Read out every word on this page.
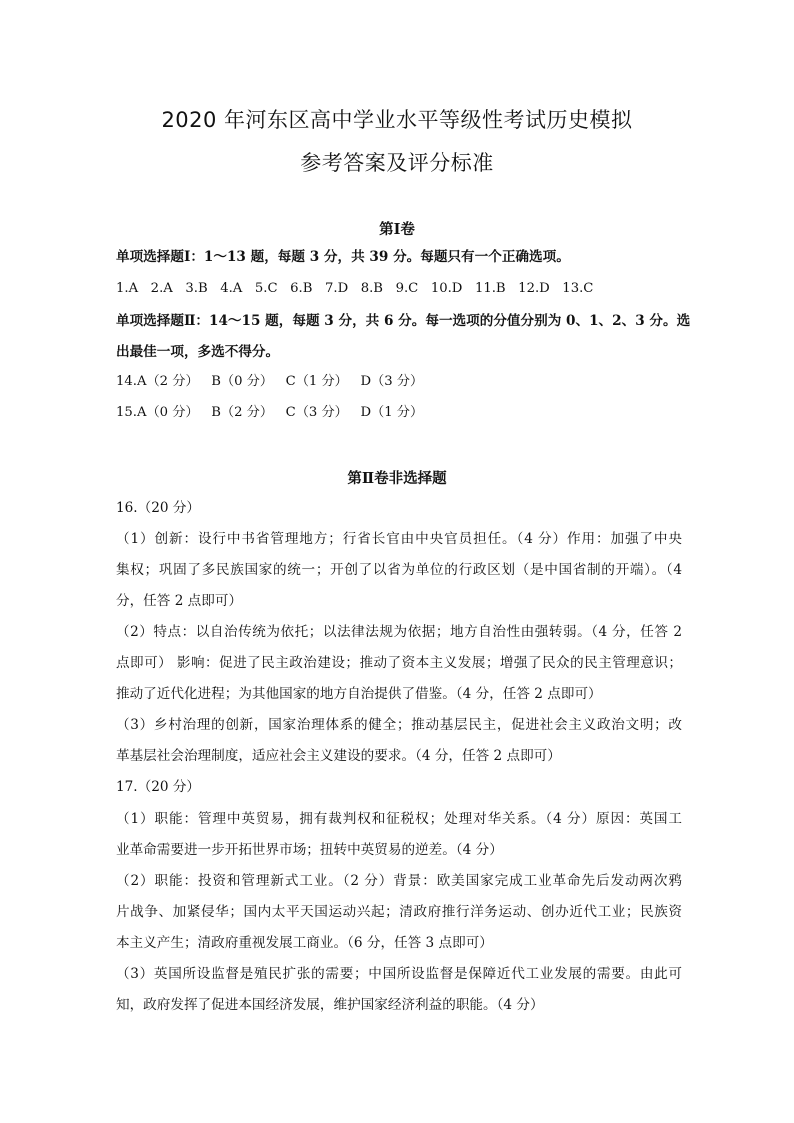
2020 年河东区高中学业水平等级性考试历史模拟
参考答案及评分标准
第Ⅰ卷
单项选择题Ⅰ：1～13 题，每题 3 分，共 39 分。每题只有一个正确选项。
1.A   2.A   3.B   4.A   5.C   6.B   7.D   8.B   9.C   10.D   11.B   12.D   13.C
单项选择题Ⅱ：14～15 题，每题 3 分，共 6 分。每一选项的分值分别为 0、1、2、3 分。选
出最佳一项，多选不得分。
14.A（2 分）   B（0 分）   C（1 分）   D（3 分）
15.A（0 分）   B（2 分）   C（3 分）   D（1 分）
第Ⅱ卷非选择题
16.（20 分）
（1）创新：设行中书省管理地方；行省长官由中央官员担任。（4 分）作用：加强了中央
集权；巩固了多民族国家的统一；开创了以省为单位的行政区划（是中国省制的开端）。（4
分，任答 2 点即可）
（2）特点：以自治传统为依托；以法律法规为依据；地方自治性由强转弱。（4 分，任答 2
点即可） 影响：促进了民主政治建设；推动了资本主义发展；增强了民众的民主管理意识；
推动了近代化进程；为其他国家的地方自治提供了借鉴。（4 分，任答 2 点即可）
（3）乡村治理的创新，国家治理体系的健全；推动基层民主，促进社会主义政治文明；改
革基层社会治理制度，适应社会主义建设的要求。（4 分，任答 2 点即可）
17.（20 分）
（1）职能：管理中英贸易，拥有裁判权和征税权；处理对华关系。（4 分）原因：英国工
业革命需要进一步开拓世界市场；扭转中英贸易的逆差。（4 分）
（2）职能：投资和管理新式工业。（2 分）背景：欧美国家完成工业革命先后发动两次鸦
片战争、加紧侵华；国内太平天国运动兴起；清政府推行洋务运动、创办近代工业；民族资
本主义产生；清政府重视发展工商业。（6 分，任答 3 点即可）
（3）英国所设监督是殖民扩张的需要；中国所设监督是保障近代工业发展的需要。由此可
知，政府发挥了促进本国经济发展，维护国家经济利益的职能。（4 分）
